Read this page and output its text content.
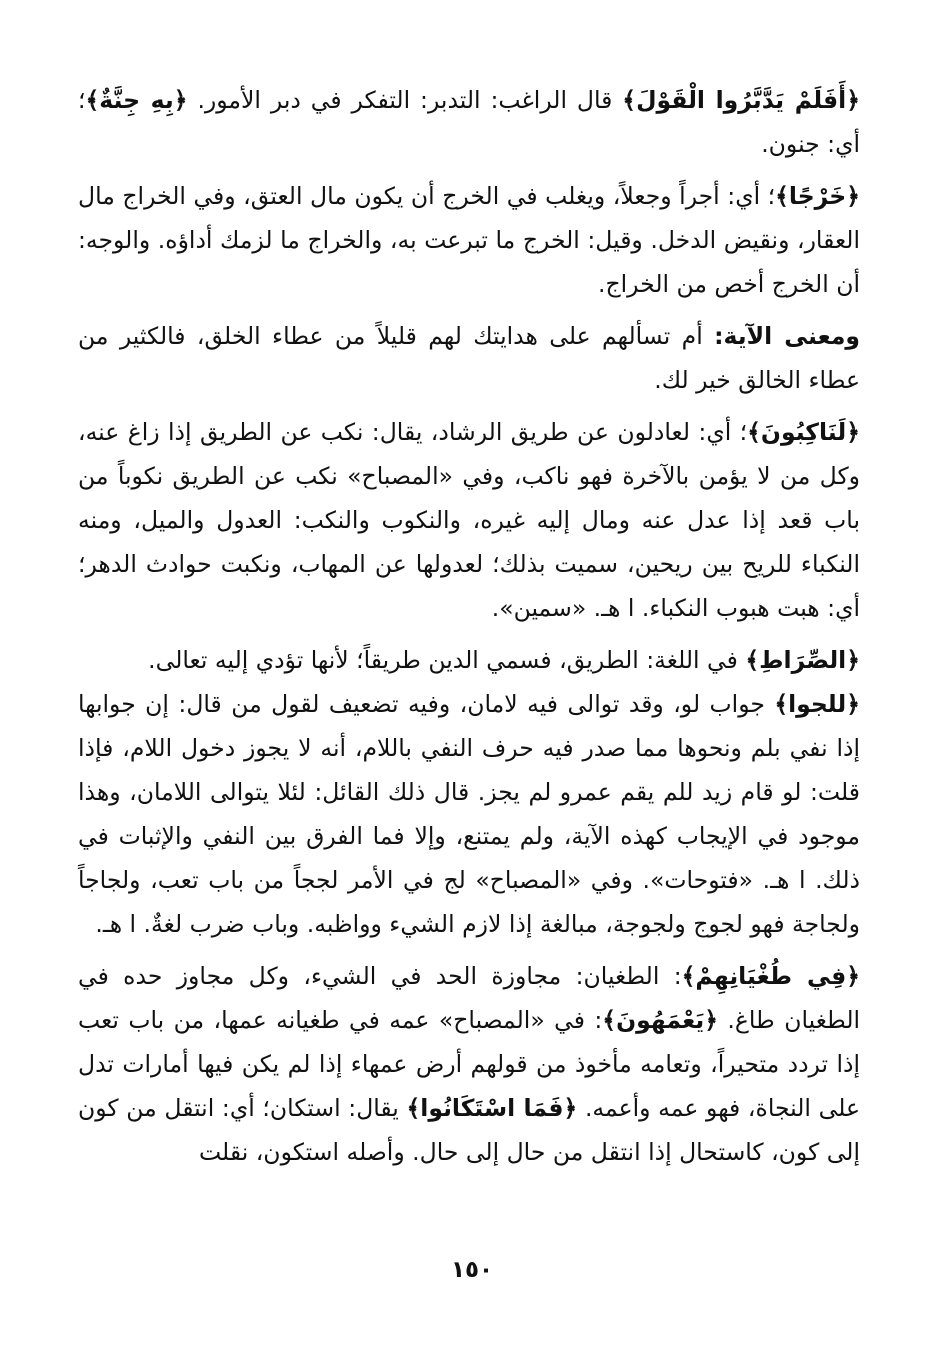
﴿أَفَلَمْ يَدَّبَّرُوا الْقَوْلَ﴾ قال الراغب: التدبر: التفكر في دبر الأمور. ﴿بِهِ جِنَّةٌ﴾؛ أي: جنون.

﴿خَرْجًا﴾؛ أي: أجراً وجعلاً، ويغلب في الخرج أن يكون مال العتق، وفي الخراج مال العقار، ونقيض الدخل. وقيل: الخرج ما تبرعت به، والخراج ما لزمك أداؤه. والوجه: أن الخرج أخص من الخراج.

ومعنى الآية: أم تسألهم على هدايتك لهم قليلاً من عطاء الخلق، فالكثير من عطاء الخالق خير لك.

﴿لَنَاكِبُونَ﴾؛ أي: لعادلون عن طريق الرشاد، يقال: نكب عن الطريق إذا زاغ عنه، وكل من لا يؤمن بالآخرة فهو ناكب، وفي «المصباح» نكب عن الطريق نكوباً من باب قعد إذا عدل عنه ومال إليه غيره، والنكوب والنكب: العدول والميل، ومنه النكباء للريح بين ريحين، سميت بذلك؛ لعدولها عن المهاب، ونكبت حوادث الدهر؛ أي: هبت هبوب النكباء. ا هـ. «سمين».

﴿الصِّرَاطِ﴾ في اللغة: الطريق، فسمي الدين طريقاً؛ لأنها تؤدي إليه تعالى.
﴿للجوا﴾ جواب لو، وقد توالى فيه لامان، وفيه تضعيف لقول من قال: إن جوابها إذا نفي بلم ونحوها مما صدر فيه حرف النفي باللام، أنه لا يجوز دخول اللام، فإذا قلت: لو قام زيد للم يقم عمرو لم يجز. قال ذلك القائل: لئلا يتوالى اللامان، وهذا موجود في الإيجاب كهذه الآية، ولم يمتنع، وإلا فما الفرق بين النفي والإثبات في ذلك. ا هـ. «فتوحات». وفي «المصباح» لج في الأمر لججاً من باب تعب، ولجاجاً ولجاجة فهو لجوج ولجوجة، مبالغة إذا لازم الشيء وواظبه. وباب ضرب لغةٌ. ا هـ.

﴿فِي طُغْيَانِهِمْ﴾: الطغيان: مجاوزة الحد في الشيء، وكل مجاوز حده في الطغيان طاغ. ﴿يَعْمَهُونَ﴾: في «المصباح» عمه في طغيانه عمها، من باب تعب إذا تردد متحيراً، وتعامه مأخوذ من قولهم أرض عمهاء إذا لم يكن فيها أمارات تدل على النجاة، فهو عمه وأعمه. ﴿فَمَا اسْتَكَانُوا﴾ يقال: استكان؛ أي: انتقل من كون إلى كون، كاستحال إذا انتقل من حال إلى حال. وأصله استكون، نقلت

١٥٠
